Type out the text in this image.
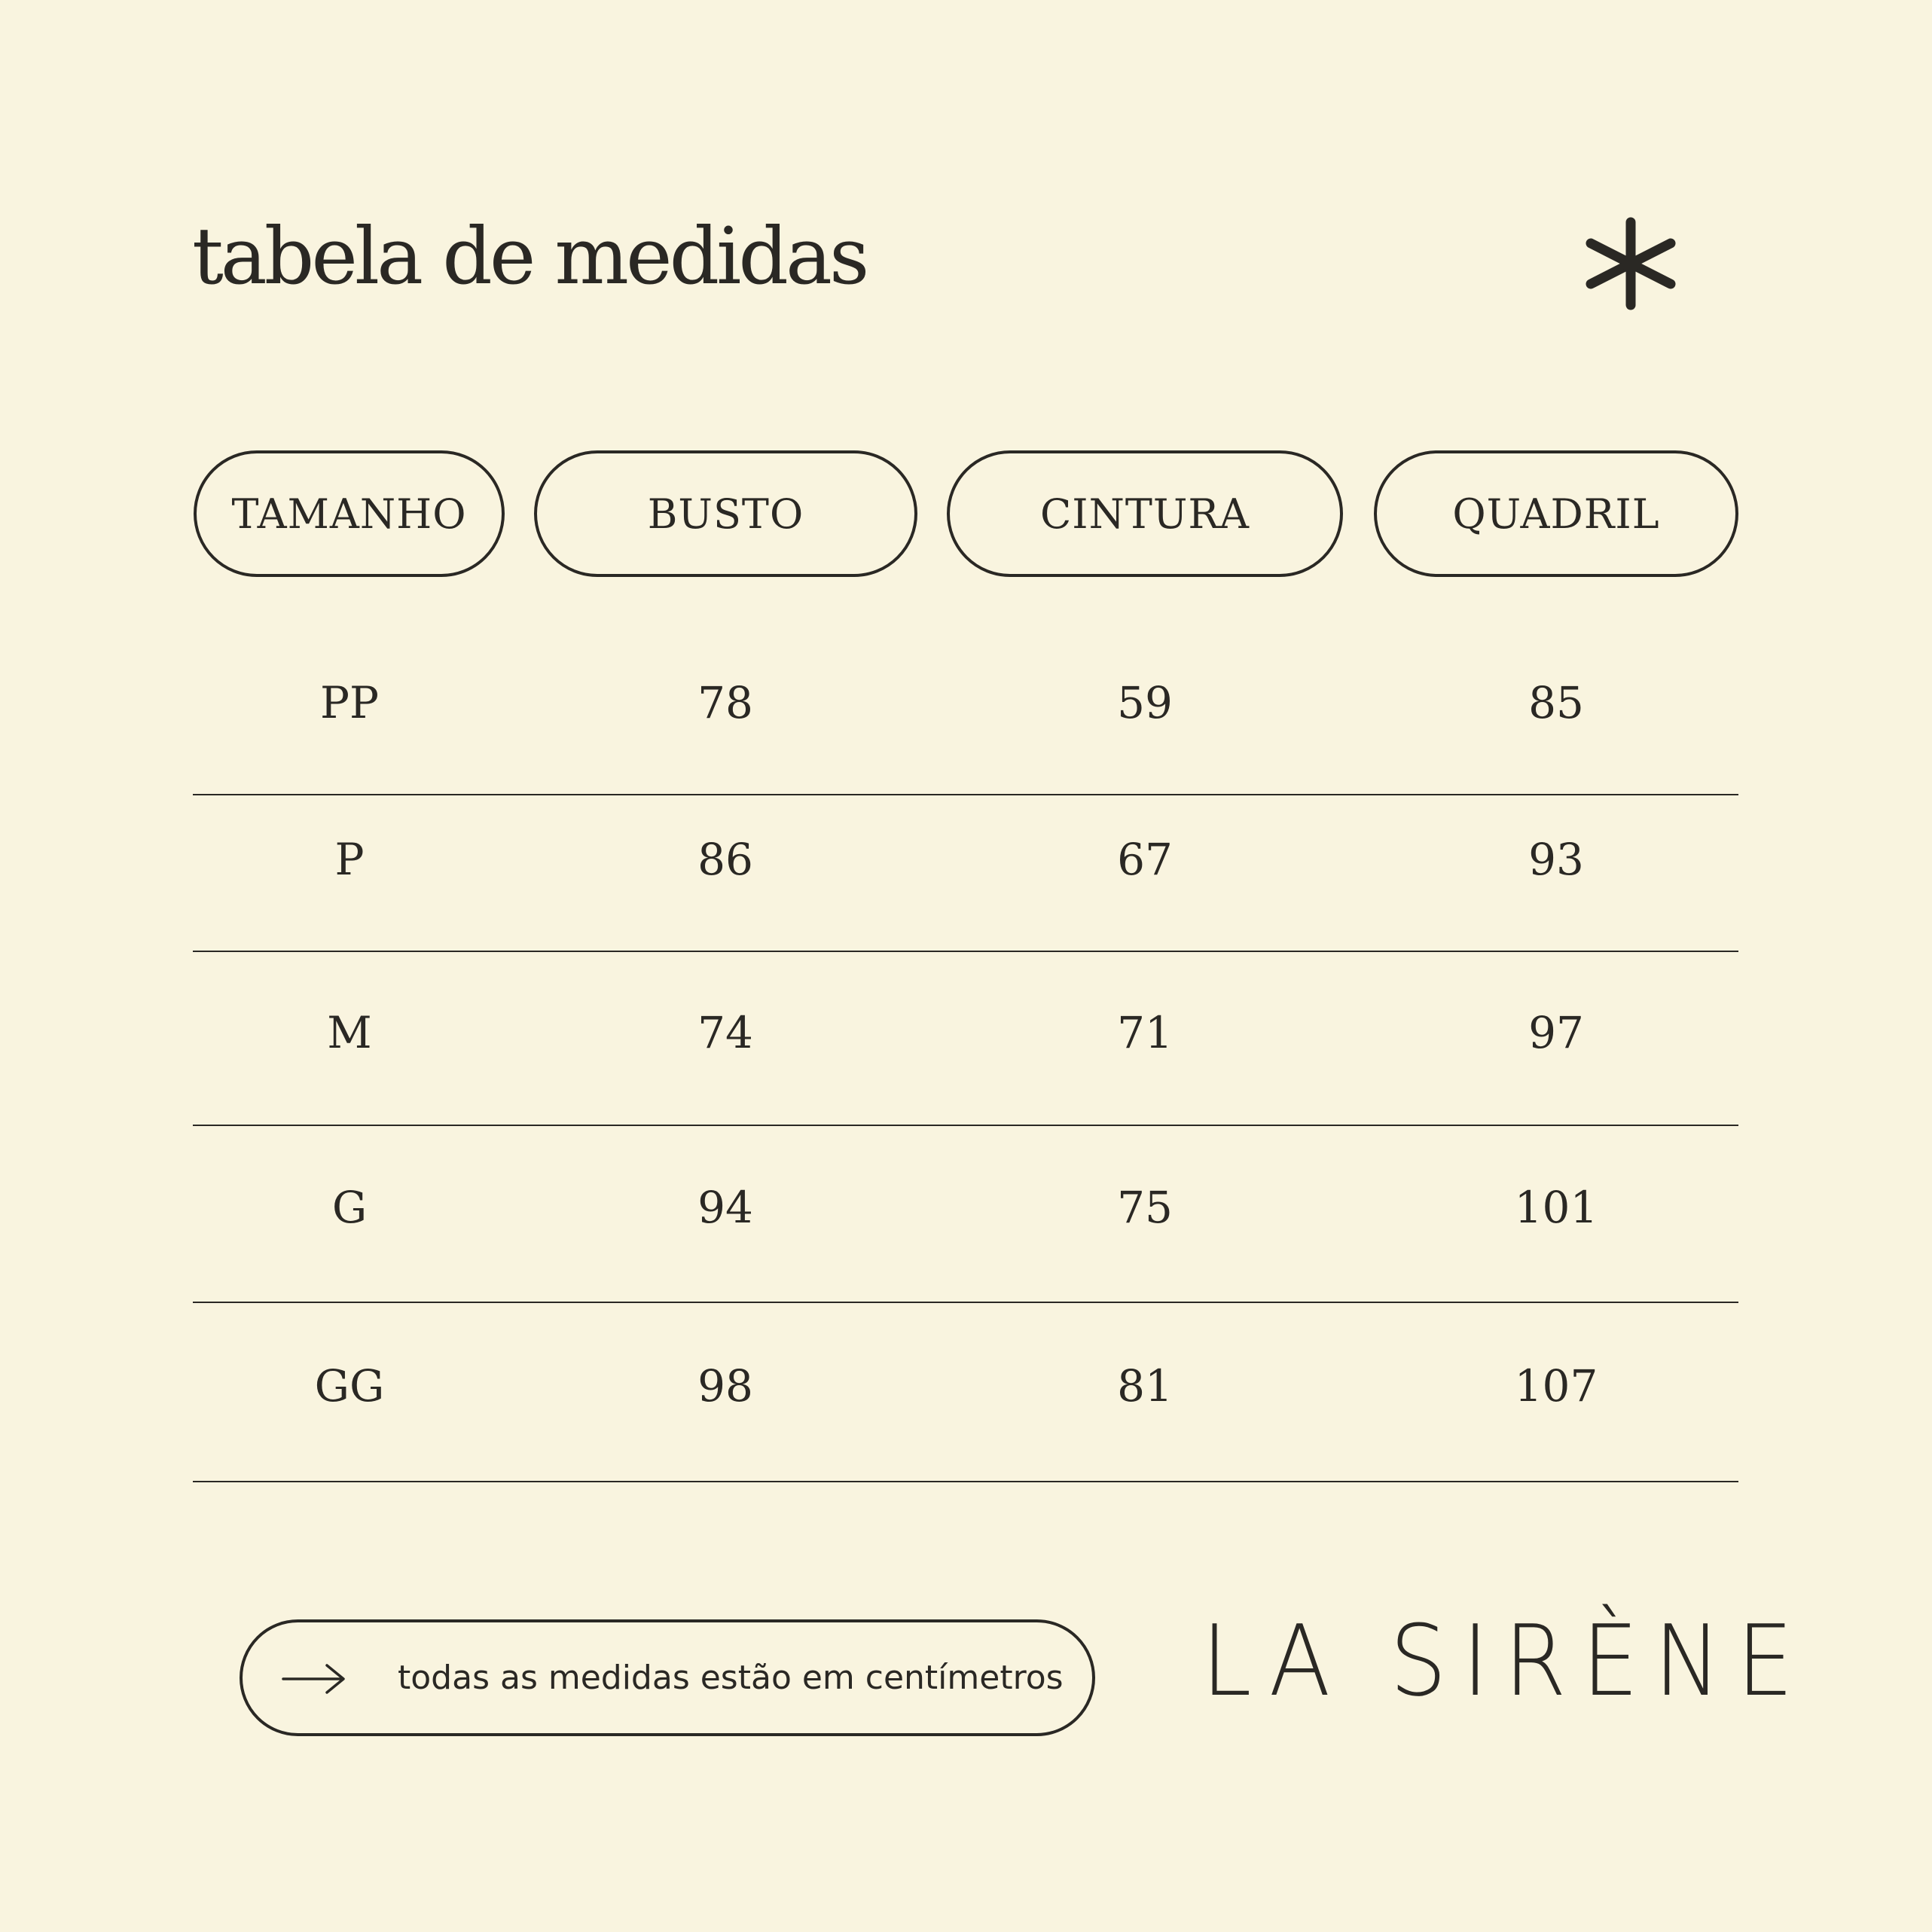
tabela de medidas
TAMANHO	BUSTO	CINTURA	QUADRIL
PP	78	59	85
P	86	67	93
M	74	71	97
G	94	75	101
GG	98	81	107
todas as medidas estão em centímetros LA SIRÈNE
